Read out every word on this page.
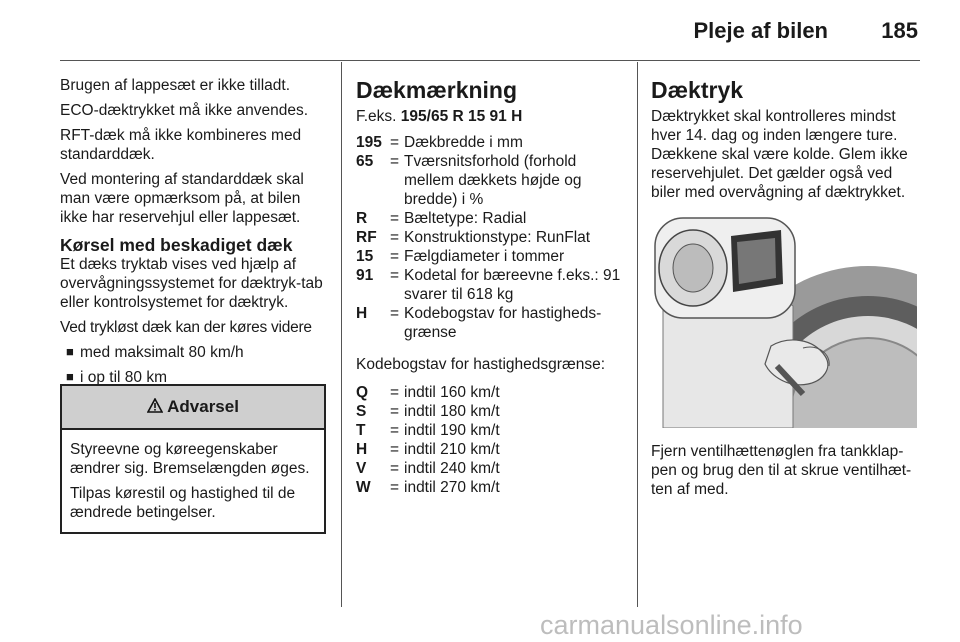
Pleje af bilen 185

Brugen af lappesæt er ikke tilladt.

ECO-dæktrykket må ikke anvendes.

RFT-dæk må ikke kombineres med standarddæk.

Ved montering af standarddæk skal man være opmærksom på, at bilen ikke har reservehjul eller lappesæt.

Kørsel med beskadiget dæk

Et dæks tryktab vises ved hjælp af overvågningssystemet for dæktryk-tab eller kontrolsystemet for dæktryk.

Ved trykløst dæk kan der køres videre

■ med maksimalt 80 km/h
■ i op til 80 km
Advarsel

Styreevne og køreegenskaber ændrer sig. Bremselængden øges.

Tilpas kørestil og hastighed til de ændrede betingelser.

Dækmærkning
F.eks. 195/65 R 15 91 H
195 = Dækbredde i mm
65	= Tværsnitsforhold (forhold mellem dækkets højde og bredde) i %
R	= Bæltetype: Radial
RF = Konstruktionstype: RunFlat
15	= Fælgdiameter i tommer
91	= Kodetal for bæreevne f.eks.: 91 svarer til 618 kg
H	= Kodebogstav for hastigheds-grænse
Kodebogstav for hastighedsgrænse:
Q	= indtil 160 km/t
S	= indtil 180 km/t
T	= indtil 190 km/t
H	= indtil 210 km/t
V	= indtil 240 km/t
W	= indtil 270 km/t
Dæktryk

Dæktrykket skal kontrolleres mindst hver 14. dag og inden længere ture. Dækkene skal være kolde. Glem ikke reservehjulet. Det gælder også ved biler med overvågning af dæktrykket.

Fjern ventilhættenøglen fra tankklap-pen og brug den til at skrue ventilhæt-ten af med.

carmanualsonline.info
